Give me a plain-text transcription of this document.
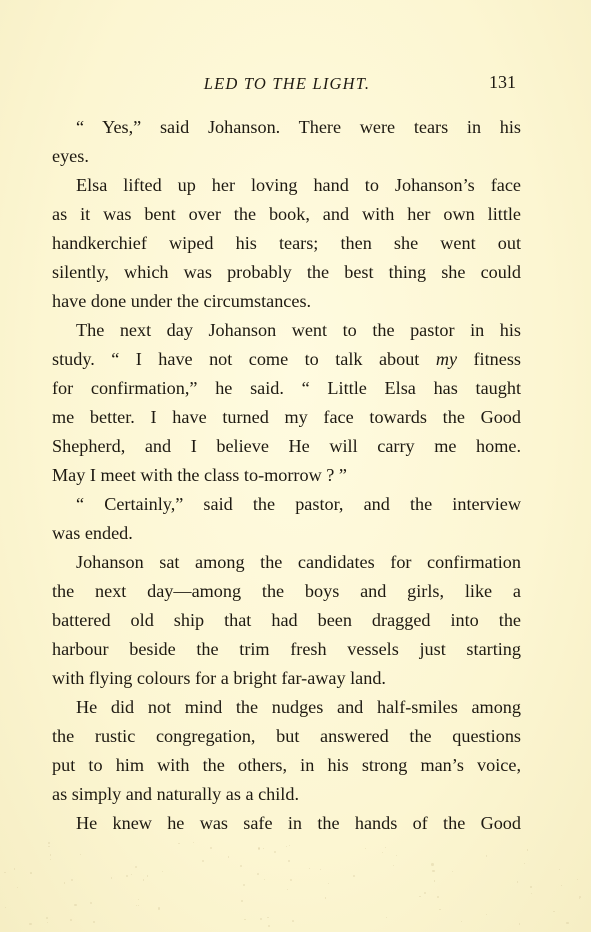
LED TO THE LIGHT.	131
“ Yes,” said Johanson. There were tears in his
eyes.
Elsa lifted up her loving hand to Johanson’s face
as it was bent over the book, and with her own little
handkerchief wiped his tears; then she went out
silently, which was probably the best thing she could
have done under the circumstances.
The next day Johanson went to the pastor in his
study. “ I have not come to talk about my fitness
for confirmation,” he said. “ Little Elsa has taught
me better. I have turned my face towards the Good
Shepherd, and I believe He will carry me home.
May I meet with the class to-morrow ? ”
“ Certainly,” said the pastor, and the interview
was ended.
Johanson sat among the candidates for confirmation
the next day—among the boys and girls, like a
battered old ship that had been dragged into the
harbour beside the trim fresh vessels just starting
with flying colours for a bright far-away land.
He did not mind the nudges and half-smiles among
the rustic congregation, but answered the questions
put to him with the others, in his strong man’s voice,
as simply and naturally as a child.
He knew he was safe in the hands of the Good
